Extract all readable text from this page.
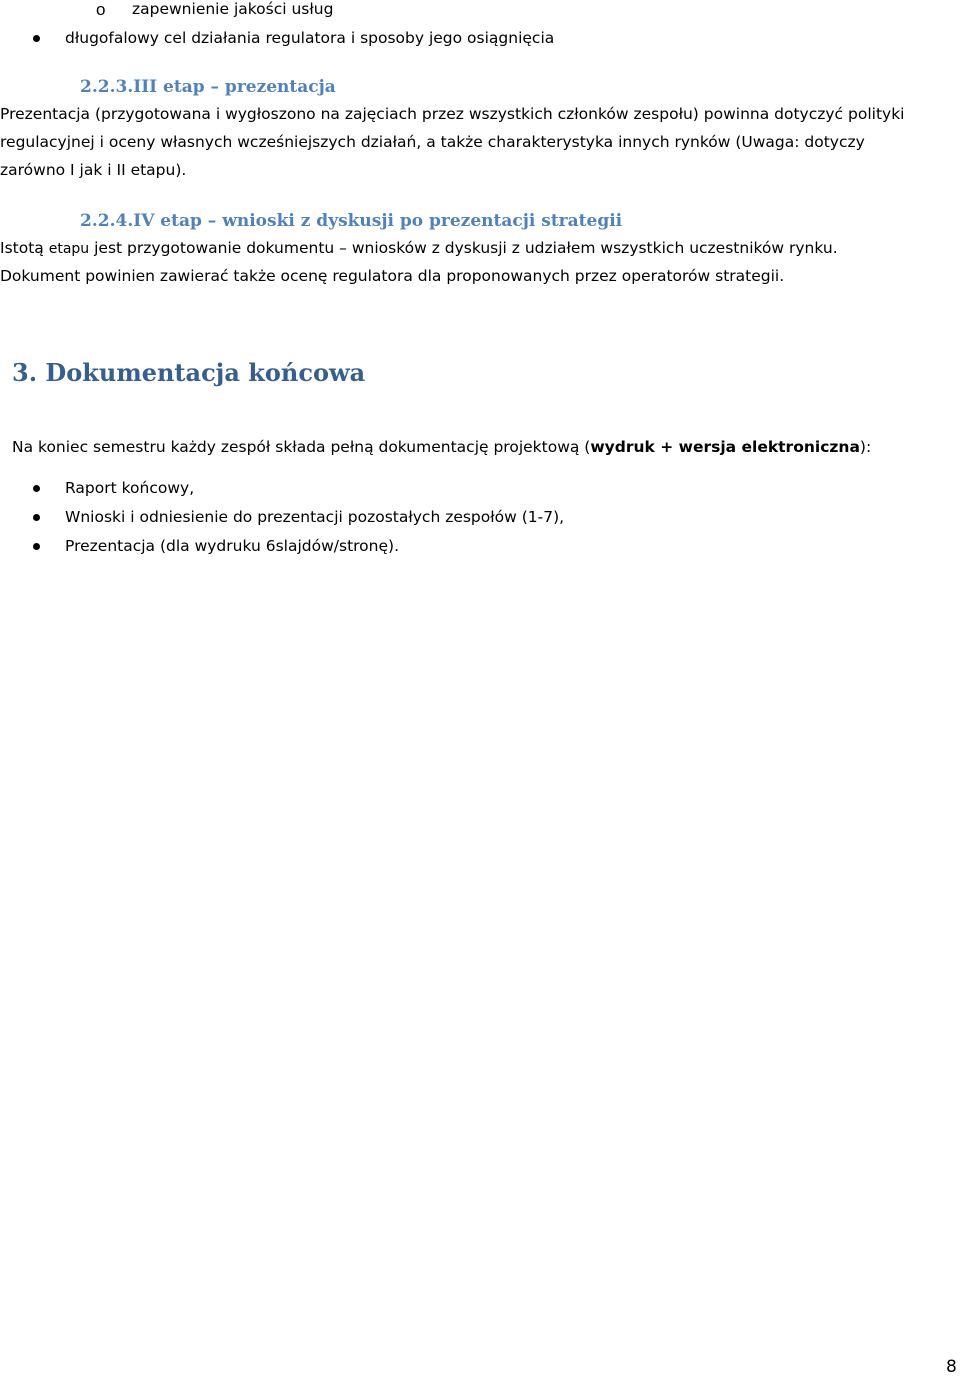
o zapewnienie jakości usług
długofalowy cel działania regulatora i sposoby jego osiągnięcia
2.2.3.III etap – prezentacja
Prezentacja (przygotowana i wygłoszono na zajęciach przez wszystkich członków zespołu) powinna dotyczyć polityki
regulacyjnej i oceny własnych wcześniejszych działań, a także charakterystyka innych rynków (Uwaga: dotyczy
zarówno I jak i II etapu).
2.2.4.IV etap – wnioski z dyskusji po prezentacji strategii
Istotą etapu jest przygotowanie dokumentu – wniosków z dyskusji z udziałem wszystkich uczestników rynku.
Dokument powinien zawierać także ocenę regulatora dla proponowanych przez operatorów strategii.
3. Dokumentacja końcowa
Na koniec semestru każdy zespół składa pełną dokumentację projektową (wydruk + wersja elektroniczna):
Raport końcowy,
Wnioski i odniesienie do prezentacji pozostałych zespołów (1-7),
Prezentacja (dla wydruku 6slajdów/stronę).
8
